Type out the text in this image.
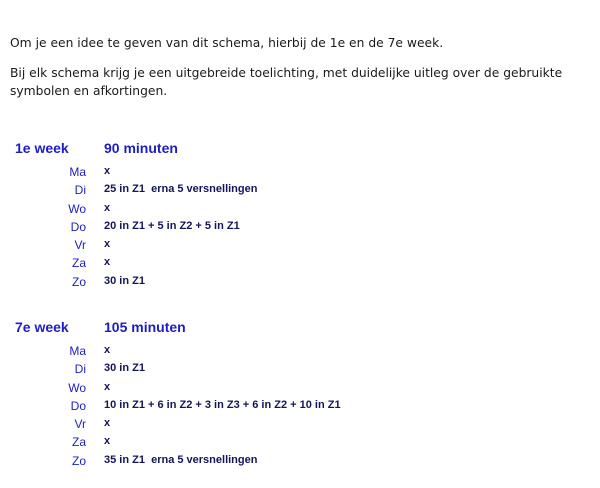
Om je een idee te geven van dit schema, hierbij de 1e en de 7e week.

Bij elk schema krijg je een uitgebreide toelichting, met duidelijke uitleg over de gebruikte symbolen en afkortingen.

1e week	90 minuten
Ma x
Di 25 in Z1  erna 5 versnellingen
Wo x
Do 20 in Z1 + 5 in Z2 + 5 in Z1
Vr x
Za x
Zo 30 in Z1
7e week	105 minuten
Ma x
Di 30 in Z1
Wo x
Do 10 in Z1 + 6 in Z2 + 3 in Z3 + 6 in Z2 + 10 in Z1
Vr x
Za x
Zo 35 in Z1  erna 5 versnellingen
